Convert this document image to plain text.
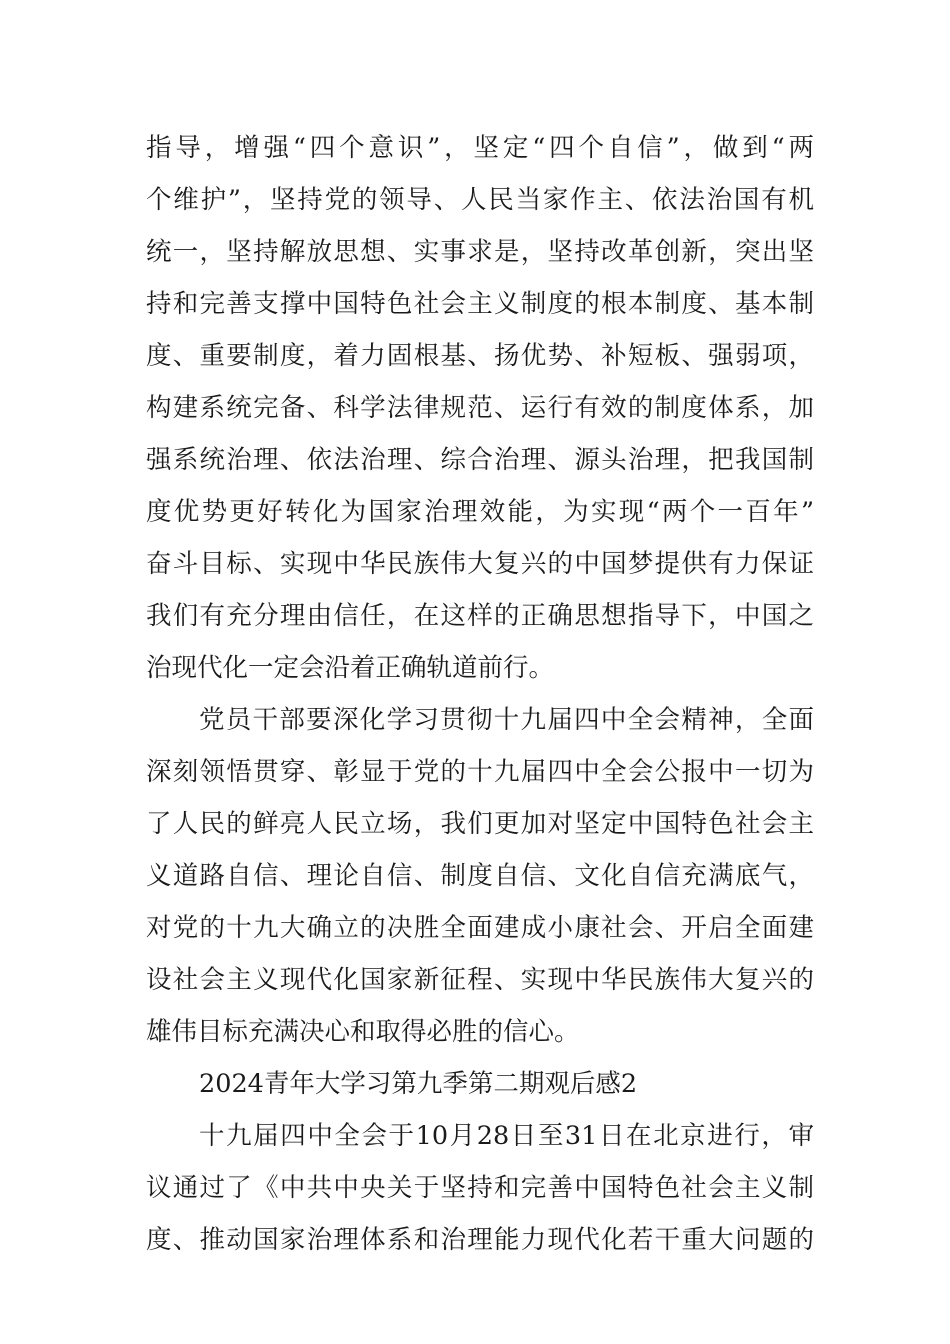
指导，增强“四个意识”，坚定“四个自信”，做到“两
个维护”，坚持党的领导、人民当家作主、依法治国有机
统一，坚持解放思想、实事求是，坚持改革创新，突出坚
持和完善支撑中国特色社会主义制度的根本制度、基本制
度、重要制度，着力固根基、扬优势、补短板、强弱项，
构建系统完备、科学法律规范、运行有效的制度体系，加
强系统治理、依法治理、综合治理、源头治理，把我国制
度优势更好转化为国家治理效能，为实现“两个一百年”
奋斗目标、实现中华民族伟大复兴的中国梦提供有力保证
我们有充分理由信任，在这样的正确思想指导下，中国之
治现代化一定会沿着正确轨道前行。
党员干部要深化学习贯彻十九届四中全会精神，全面
深刻领悟贯穿、彰显于党的十九届四中全会公报中一切为
了人民的鲜亮人民立场，我们更加对坚定中国特色社会主
义道路自信、理论自信、制度自信、文化自信充满底气，
对党的十九大确立的决胜全面建成小康社会、开启全面建
设社会主义现代化国家新征程、实现中华民族伟大复兴的
雄伟目标充满决心和取得必胜的信心。
2024青年大学习第九季第二期观后感2
十九届四中全会于10月28日至31日在北京进行，审
议通过了《中共中央关于坚持和完善中国特色社会主义制
度、推动国家治理体系和治理能力现代化若干重大问题的
